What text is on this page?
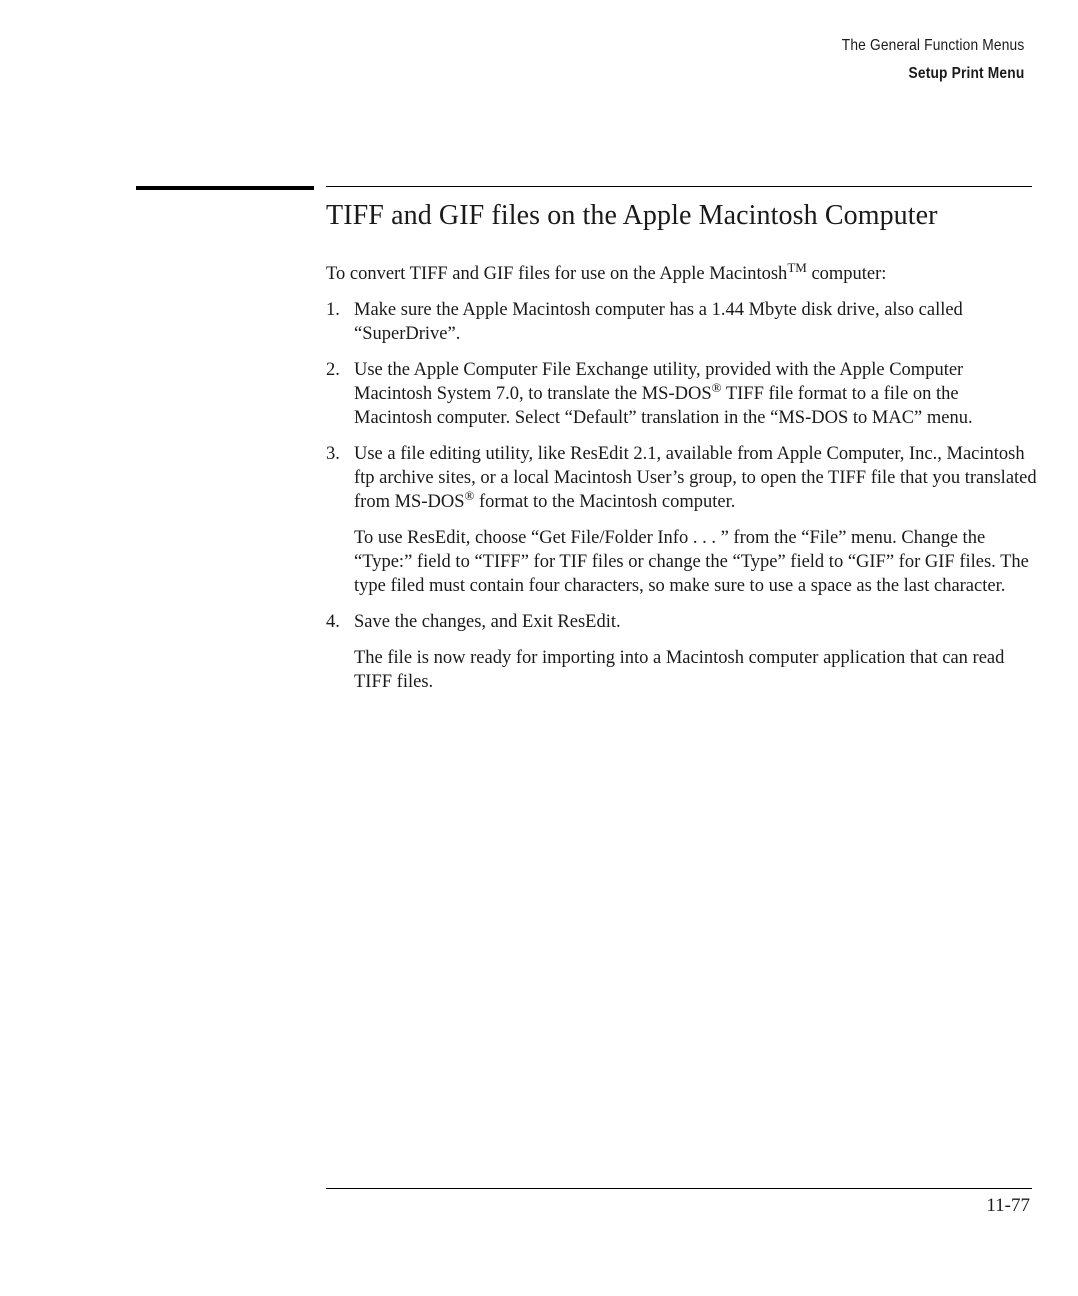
The General Function Menus
Setup Print Menu
TIFF and GIF files on the Apple Macintosh Computer

To convert TIFF and GIF files for use on the Apple Macintosh™ computer:

1. Make sure the Apple Macintosh computer has a 1.44 Mbyte disk drive, also called “SuperDrive”.

2. Use the Apple Computer File Exchange utility, provided with the Apple Computer Macintosh System 7.0, to translate the MS-DOS® TIFF file format to a file on the Macintosh computer. Select “Default” translation in the “MS-DOS to MAC” menu.

3. Use a file editing utility, like ResEdit 2.1, available from Apple Computer, Inc., Macintosh ftp archive sites, or a local Macintosh User’s group, to open the TIFF file that you translated from MS-DOS® format to the Macintosh computer.

To use ResEdit, choose “Get File/Folder Info . . . ” from the “File” menu. Change the “Type:” field to “TIFF” for TIF files or change the “Type” field to “GIF” for GIF files. The type filed must contain four characters, so make sure to use a space as the last character.

4. Save the changes, and Exit ResEdit.

The file is now ready for importing into a Macintosh computer application that can read TIFF files.

11-77
